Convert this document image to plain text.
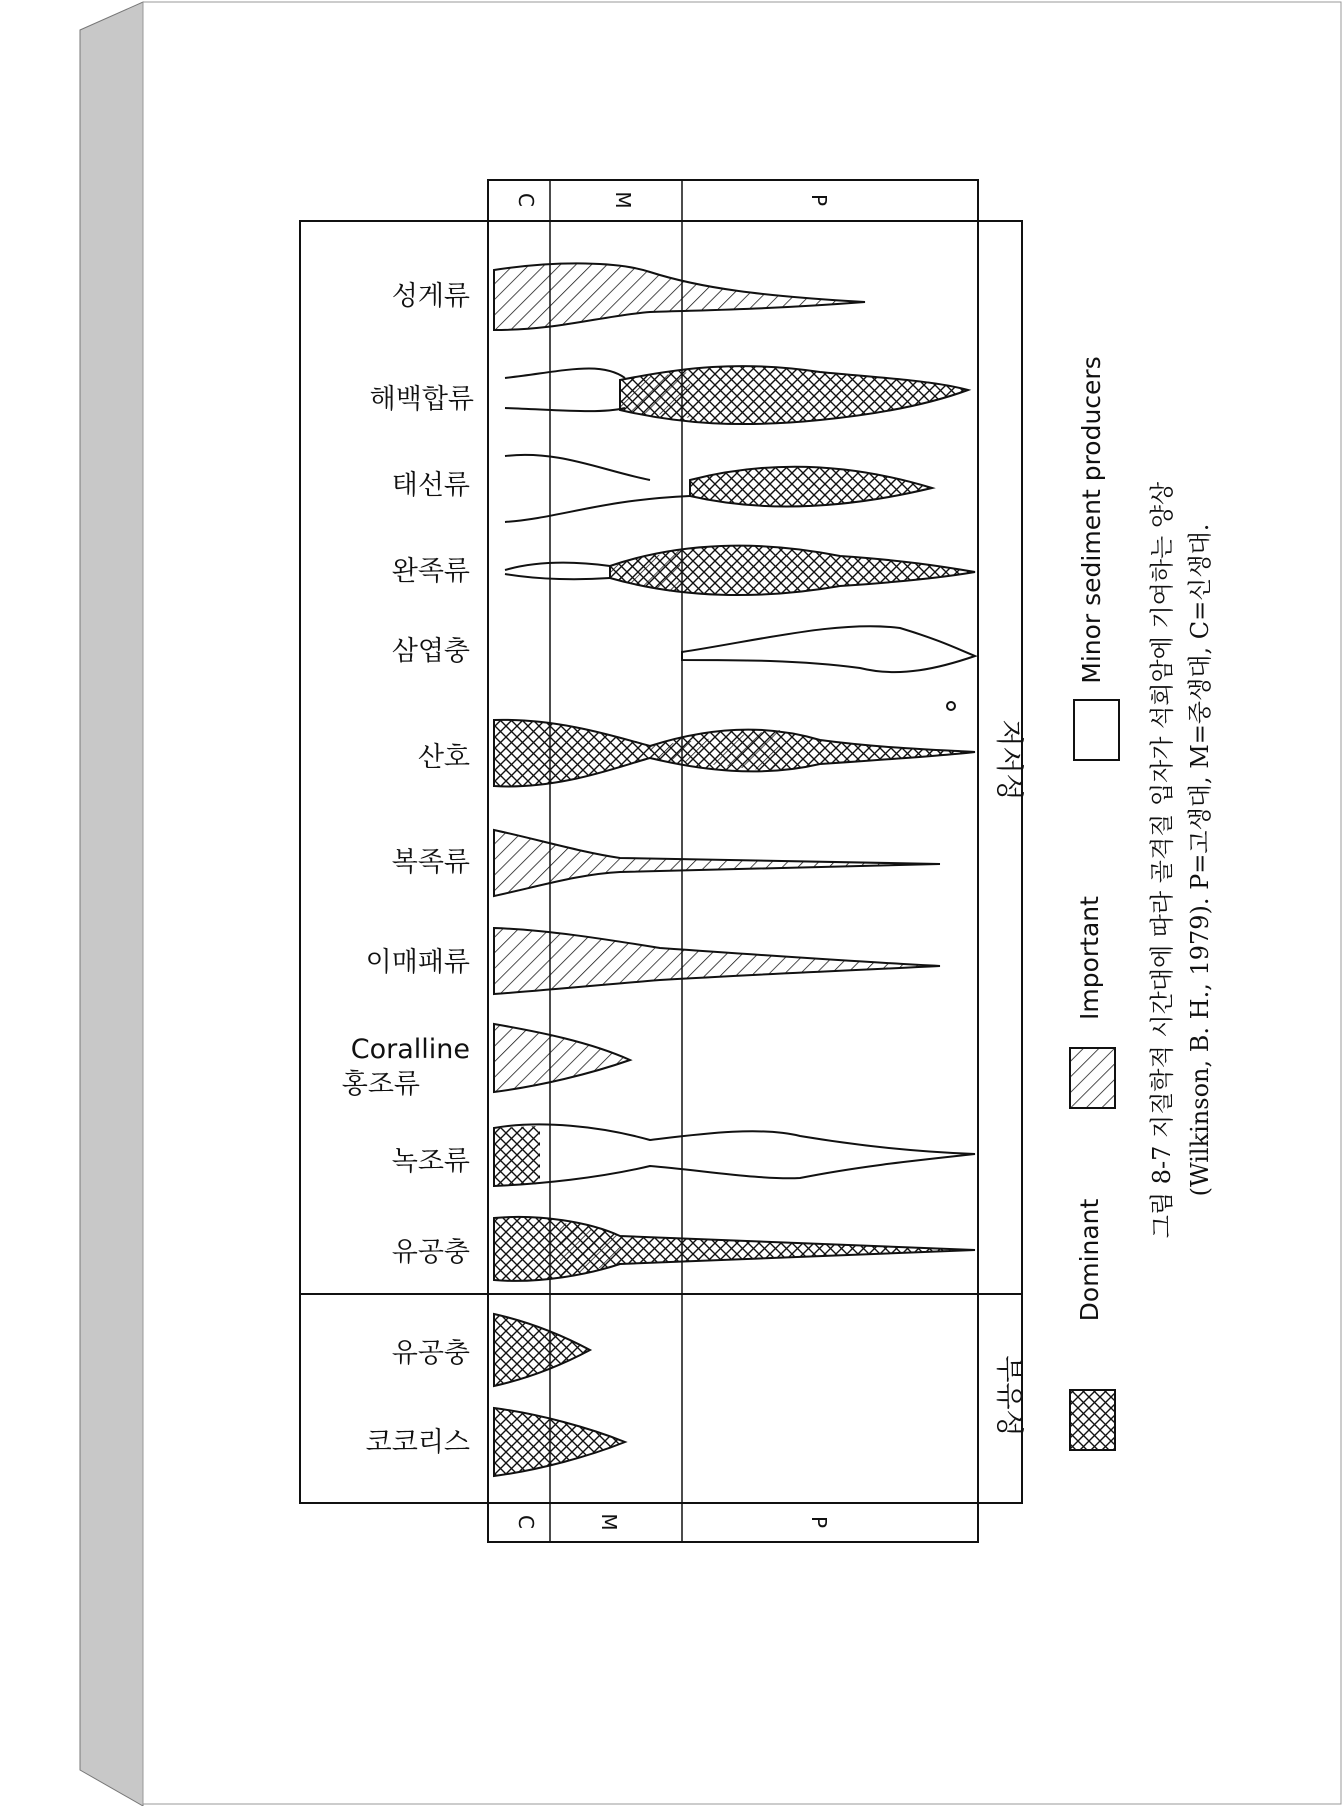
C	M	P
C	M	P
저서성
부유성
성게류
해백합류
태선류
완족류
삼엽충
산호
복족류
이매패류
Coralline
홍조류
녹조류
유공충
유공충
코코리스
Dominant
Important
Minor sediment producers 그림 8-7 지질학적 시간대에 따라 골격질 입자가 석회암에 기여하는 양상 (Wilkinson, B. H., 1979). P=고생대, M=중생대, C=신생대.
